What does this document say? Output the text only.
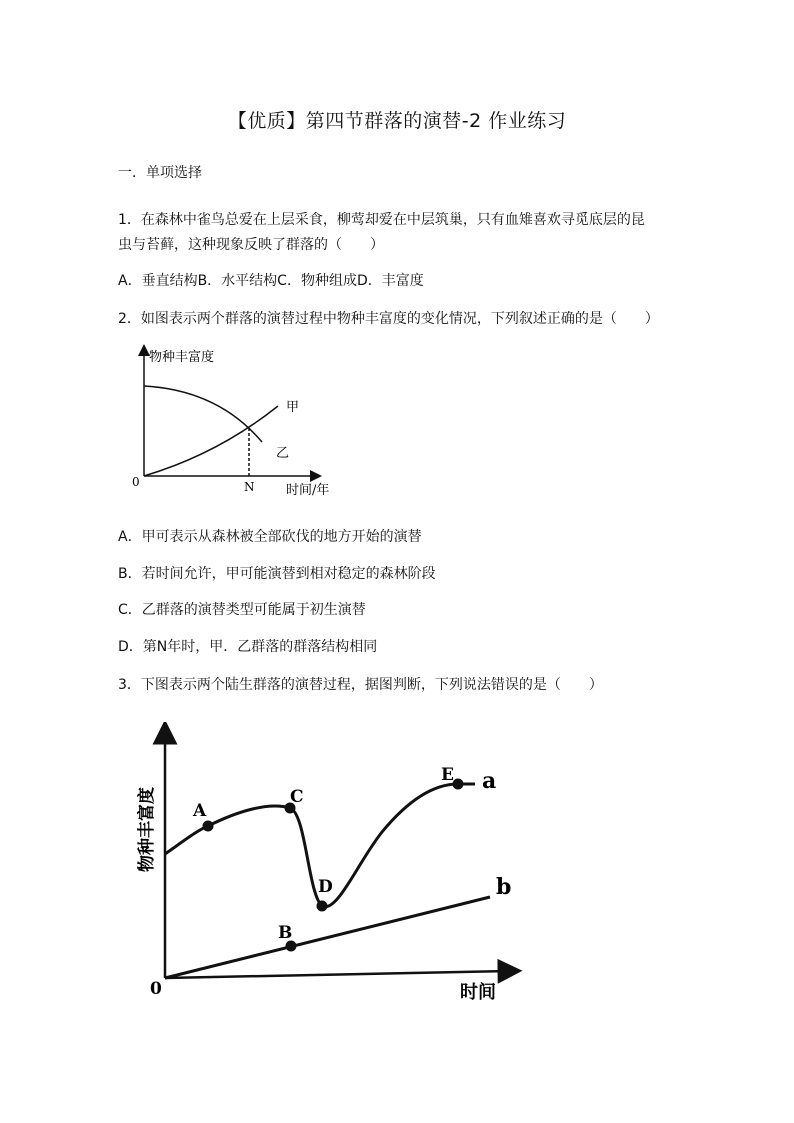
【优质】第四节群落的演替-2 作业练习
一．单项选择
1．在森林中雀鸟总爱在上层采食，柳莺却爱在中层筑巢，只有血雉喜欢寻觅底层的昆
虫与苔藓，这种现象反映了群落的（　　）
A．垂直结构B．水平结构C．物种组成D．丰富度
2．如图表示两个群落的演替过程中物种丰富度的变化情况，下列叙述正确的是（　　）
物种丰富度
时间/年
0	N
甲
乙
A．甲可表示从森林被全部砍伐的地方开始的演替
B．若时间允许，甲可能演替到相对稳定的森林阶段
C．乙群落的演替类型可能属于初生演替
D．第N年时，甲．乙群落的群落结构相同
3．下图表示两个陆生群落的演替过程，据图判断，下列说法错误的是（　　）
A
C
D
E
B
a
b
0	时间
物种丰富度
